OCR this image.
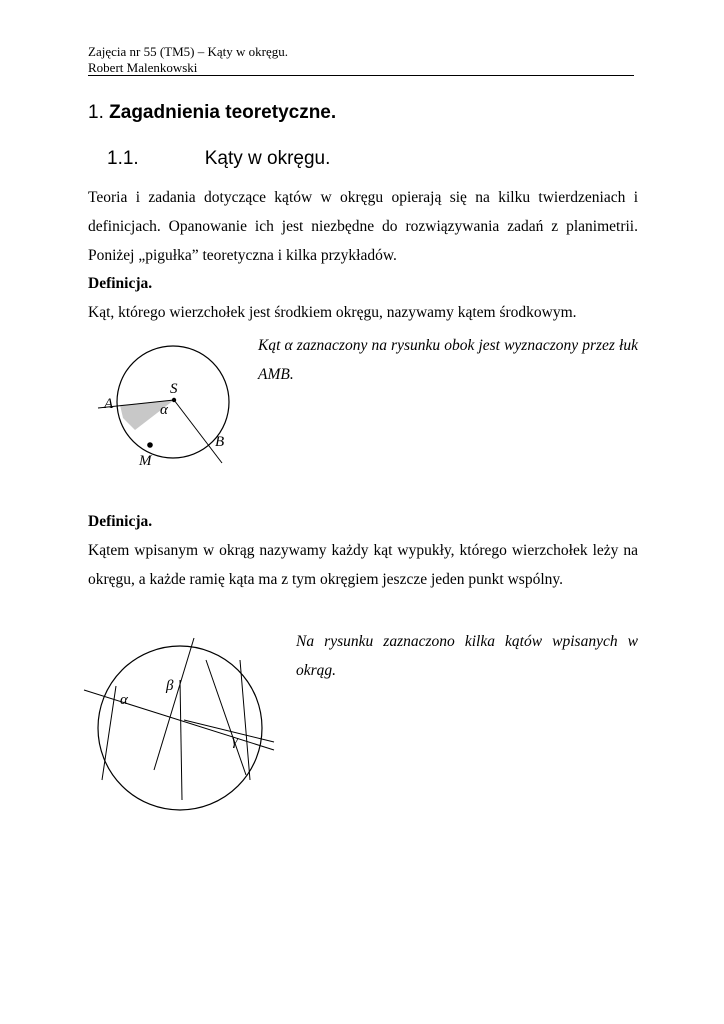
Zajęcia nr 55 (TM5) – Kąty w okręgu.
Robert Malenkowski
1. Zagadnienia teoretyczne.
1.1.	Kąty w okręgu.
Teoria i zadania dotyczące kątów w okręgu opierają się na kilku twierdzeniach i definicjach. Opanowanie ich jest niezbędne do rozwiązywania zadań z planimetrii. Poniżej „pigułka” teoretyczna i kilka przykładów.
Definicja.
Kąt, którego wierzchołek jest środkiem okręgu, nazywamy kątem środkowym.
S
α
A
B
M
Kąt α zaznaczony na rysunku obok jest wyznaczony przez łuk AMB.
Definicja.
Kątem wpisanym w okrąg nazywamy każdy kąt wypukły, którego wierzchołek leży na okręgu, a każde ramię kąta ma z tym okręgiem jeszcze jeden punkt wspólny.
α
β
γ
Na rysunku zaznaczono kilka kątów wpisanych w okrąg.
